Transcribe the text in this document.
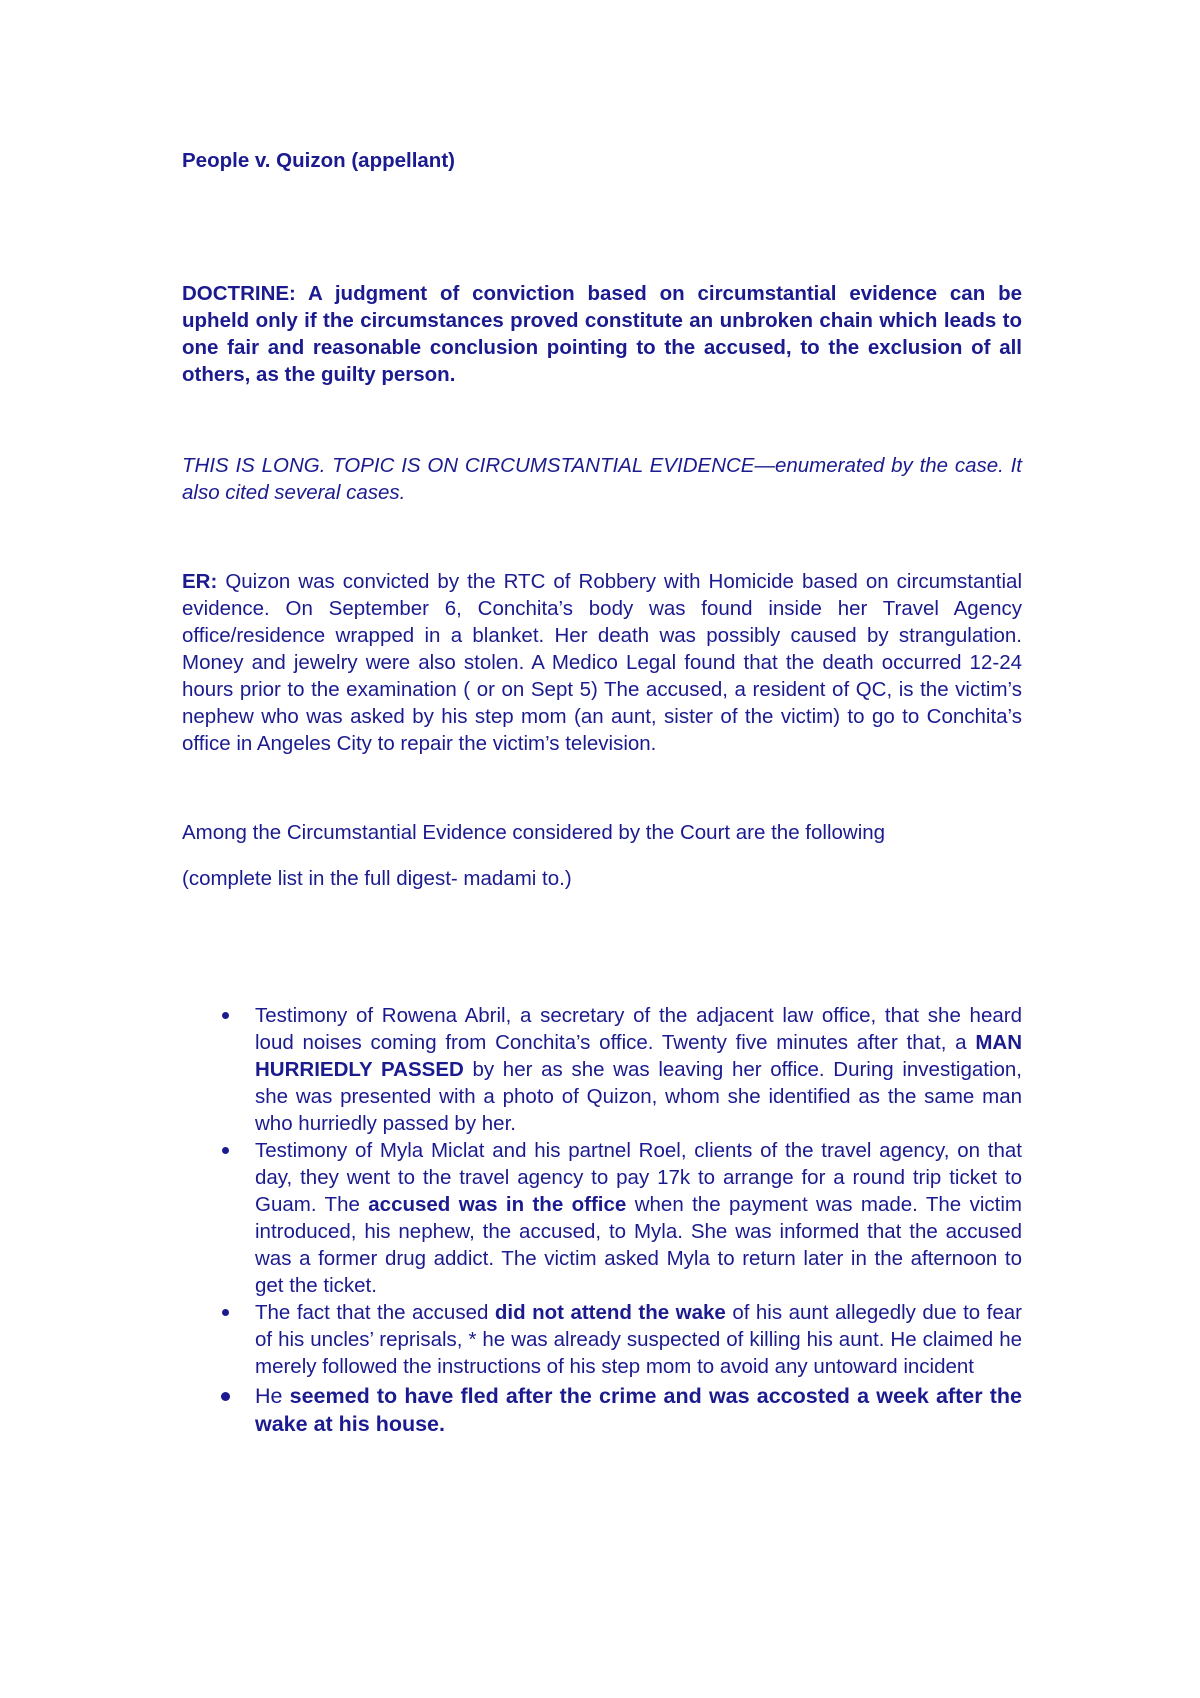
People v. Quizon (appellant)

DOCTRINE: A judgment of conviction based on circumstantial evidence can be upheld only if the circumstances proved constitute an unbroken chain which leads to one fair and reasonable conclusion pointing to the accused, to the exclusion of all others, as the guilty person.

THIS IS LONG. TOPIC IS ON CIRCUMSTANTIAL EVIDENCE—enumerated by the case. It also cited several cases.

ER: Quizon was convicted by the RTC of Robbery with Homicide based on circumstantial evidence. On September 6, Conchita’s body was found inside her Travel Agency office/residence wrapped in a blanket. Her death was possibly caused by strangulation. Money and jewelry were also stolen. A Medico Legal found that the death occurred 12-24 hours prior to the examination ( or on Sept 5) The accused, a resident of QC, is the victim’s nephew who was asked by his step mom (an aunt, sister of the victim) to go to Conchita’s office in Angeles City to repair the victim’s television.

Among the Circumstantial Evidence considered by the Court are the following

(complete list in the full digest- madami to.)

Testimony of Rowena Abril, a secretary of the adjacent law office, that she heard loud noises coming from Conchita’s office. Twenty five minutes after that, a MAN HURRIEDLY PASSED by her as she was leaving her office. During investigation, she was presented with a photo of Quizon, whom she identified as the same man who hurriedly passed by her.
Testimony of Myla Miclat and his partnel Roel, clients of the travel agency, on that day, they went to the travel agency to pay 17k to arrange for a round trip ticket to Guam. The accused was in the office when the payment was made. The victim introduced, his nephew, the accused, to Myla. She was informed that the accused was a former drug addict. The victim asked Myla to return later in the afternoon to get the ticket.
The fact that the accused did not attend the wake of his aunt allegedly due to fear of his uncles’ reprisals, * he was already suspected of killing his aunt. He claimed he merely followed the instructions of his step mom to avoid any untoward incident
He seemed to have fled after the crime and was accosted a week after the wake at his house.
